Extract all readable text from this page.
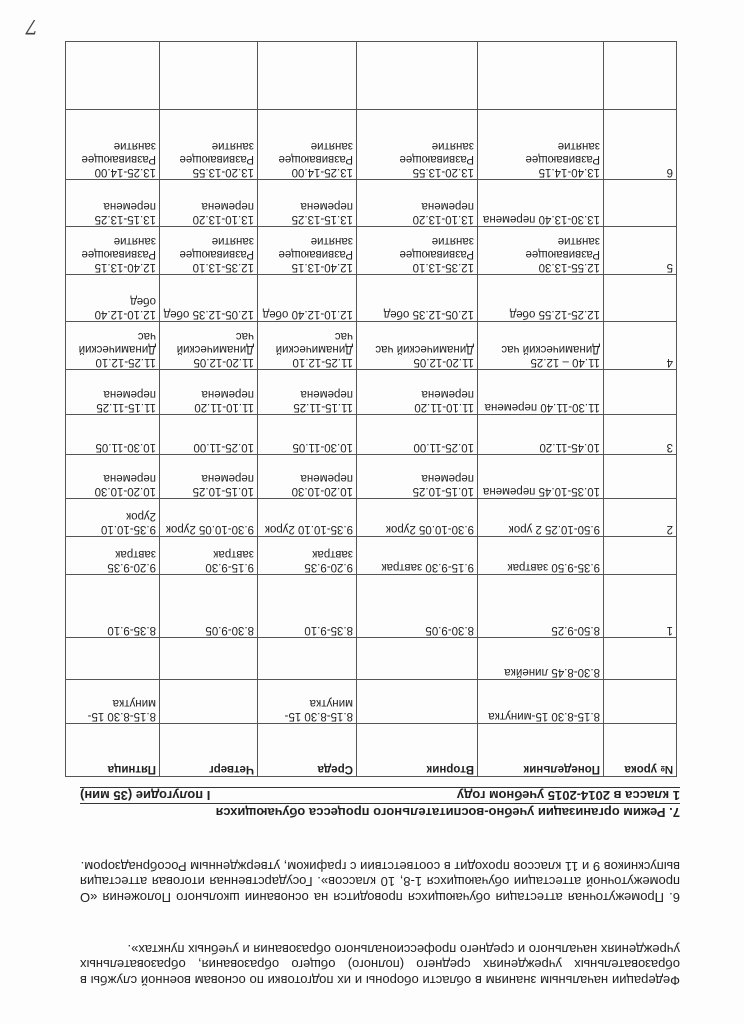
Федерации начальным знаниям в области обороны и их подготовки по основам военной службы в образовательных учреждениях среднего (полного) общего образования, образовательных учреждениях начального и среднего профессионального образования и учебных пунктах».
6. Промежуточная аттестация обучающихся проводится на основании школьного Положения «О промежуточной аттестации обучающихся 1-8, 10 классов». Государственная итоговая аттестация выпускников 9 и 11 классов проходит в соответствии с графиком, утвержденным Рособрнадзором.
7. Режим организации учебно-воспитательного процесса обучающихся
1 класса в 2014-2015 учебном году
I полугодие (35 мин)
№ урока	Понедельник	Вторник	Среда	Четверг	Пятница
	8.15-8.30 15-минутка		8.15-8.30 15-минутка		8.15-8.30 15-минутка
	8.30-8.45 линейка				
1	8.50-9.25	8.30-9.05	8.35-9.10	8.30-9.05	8.35-9.10
	9.35-9.50 завтрак	9.15-9.30 завтрак	9.20-9.35 завтрак	9.15-9.30 завтрак	9.20-9.35 завтрак
2	9.50-10.25 2 урок	9.30-10.05 2урок	9.35-10.10 2урок	9.30-10.05 2урок	9.35-10.10 2урок
	10.35-10.45 перемена	10.15-10.25 перемена	10.20-10.30 перемена	10.15-10.25 перемена	10.20-10.30 перемена
3	10.45-11.20	10.25-11.00	10.30-11.05	10.25-11.00	10.30-11.05
	11.30-11.40 перемена	11.10-11.20 перемена	11.15-11.25 перемена	11.10-11.20 перемена	11.15-11.25 перемена
4	11.40 – 12.25 Динамический час	11.20-12.05 Динамический час	11.25-12.10 Динамический час	11.20-12.05 Динамический час	11.25-12.10 Динамический час
	12.25-12.55 обед	12.05-12.35 обед	12.10-12.40 обед	12.05-12.35 обед	12.10-12.40 обед
5	12.55-13.30 Развивающее занятие	12.35-13.10 Развивающее занятие	12.40-13.15 Развивающее занятие	12.35-13.10 Развивающее занятие	12.40-13.15 Развивающее занятие
	13.30-13.40 перемена	13.10-13.20 перемена	13.15-13.25 перемена	13.10-13.20 перемена	13.15-13.25 перемена
6	13.40-14.15 Развивающее занятие	13.20-13.55 Развивающее занятие	13.25-14.00 Развивающее занятие	13.20-13.55 Развивающее занятие	13.25-14.00 Развивающее занятие

7
